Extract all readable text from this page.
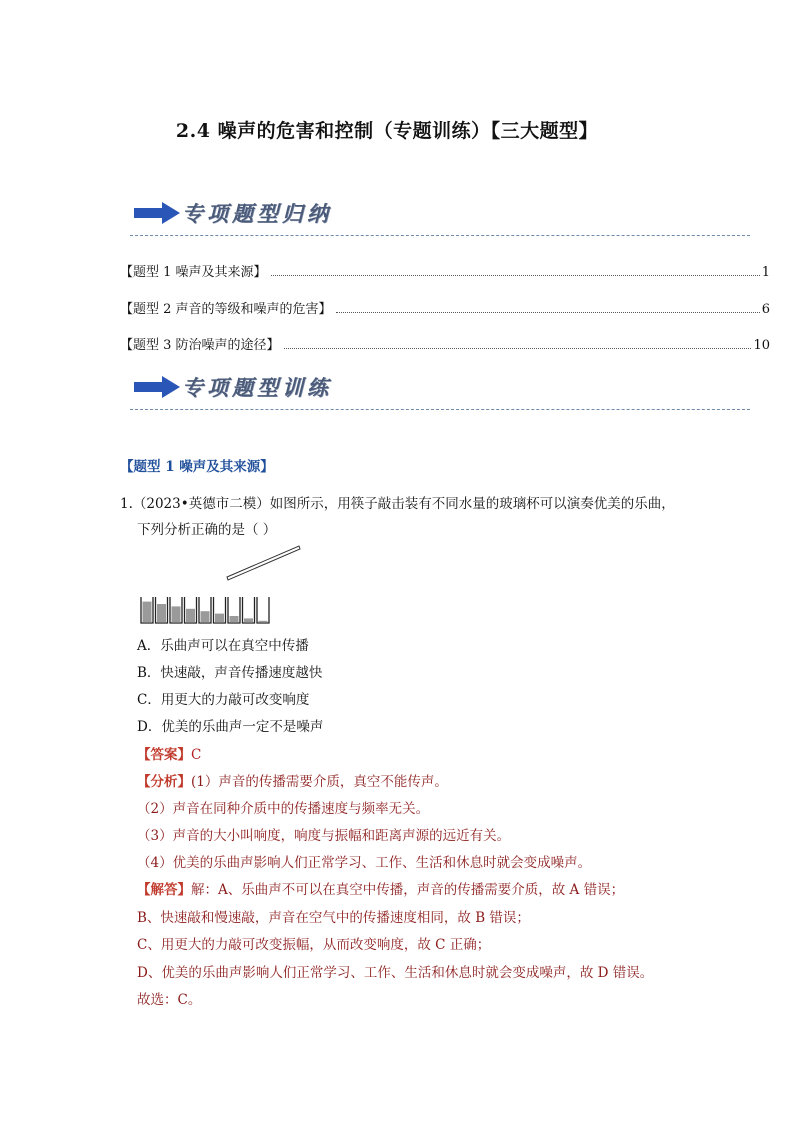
2.4 噪声的危害和控制（专题训练）【三大题型】
专项题型归纳
【题型 1 噪声及其来源】	1
【题型 2 声音的等级和噪声的危害】	6
【题型 3 防治噪声的途径】	10
专项题型训练
【题型 1 噪声及其来源】
1.（2023•英德市二模）如图所示，用筷子敲击装有不同水量的玻璃杯可以演奏优美的乐曲，
下列分析正确的是（ ）
A．乐曲声可以在真空中传播
B．快速敲，声音传播速度越快
C．用更大的力敲可改变响度
D．优美的乐曲声一定不是噪声
【答案】C
【分析】(1）声音的传播需要介质，真空不能传声。
（2）声音在同种介质中的传播速度与频率无关。
（3）声音的大小叫响度，响度与振幅和距离声源的远近有关。
（4）优美的乐曲声影响人们正常学习、工作、生活和休息时就会变成噪声。
【解答】解：A、乐曲声不可以在真空中传播，声音的传播需要介质，故 A 错误；
B、快速敲和慢速敲，声音在空气中的传播速度相同，故 B 错误；
C、用更大的力敲可改变振幅，从而改变响度，故 C 正确；
D、优美的乐曲声影响人们正常学习、工作、生活和休息时就会变成噪声，故 D 错误。
故选：C。
